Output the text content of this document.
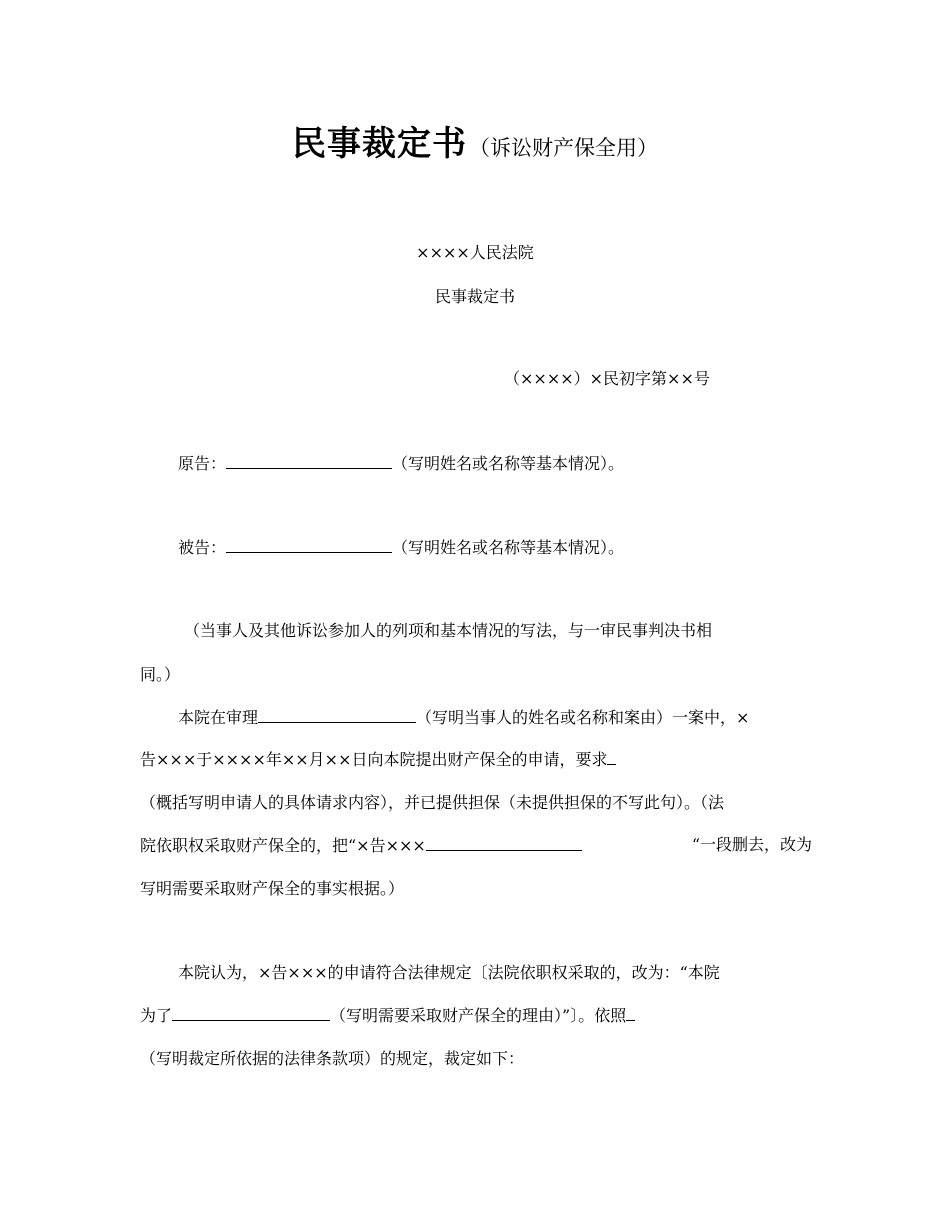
民事裁定书（诉讼财产保全用）
××××人民法院
民事裁定书
（××××）×民初字第××号
原告：	（写明姓名或名称等基本情况）。
被告：	（写明姓名或名称等基本情况）。
（当事人及其他诉讼参加人的列项和基本情况的写法，与一审民事判决书相
同。）
本院在审理	（写明当事人的姓名或名称和案由）一案中，×
告×××于××××年××月××日向本院提出财产保全的申请，要求
（概括写明申请人的具体请求内容），并已提供担保（未提供担保的不写此句）。（法
院依职权采取财产保全的，把“×告×××	“一段删去，改为
写明需要采取财产保全的事实根据。）
本院认为，×告×××的申请符合法律规定〔法院依职权采取的，改为：“本院
为了	（写明需要采取财产保全的理由）”〕。依照
（写明裁定所依据的法律条款项）的规定，裁定如下：
